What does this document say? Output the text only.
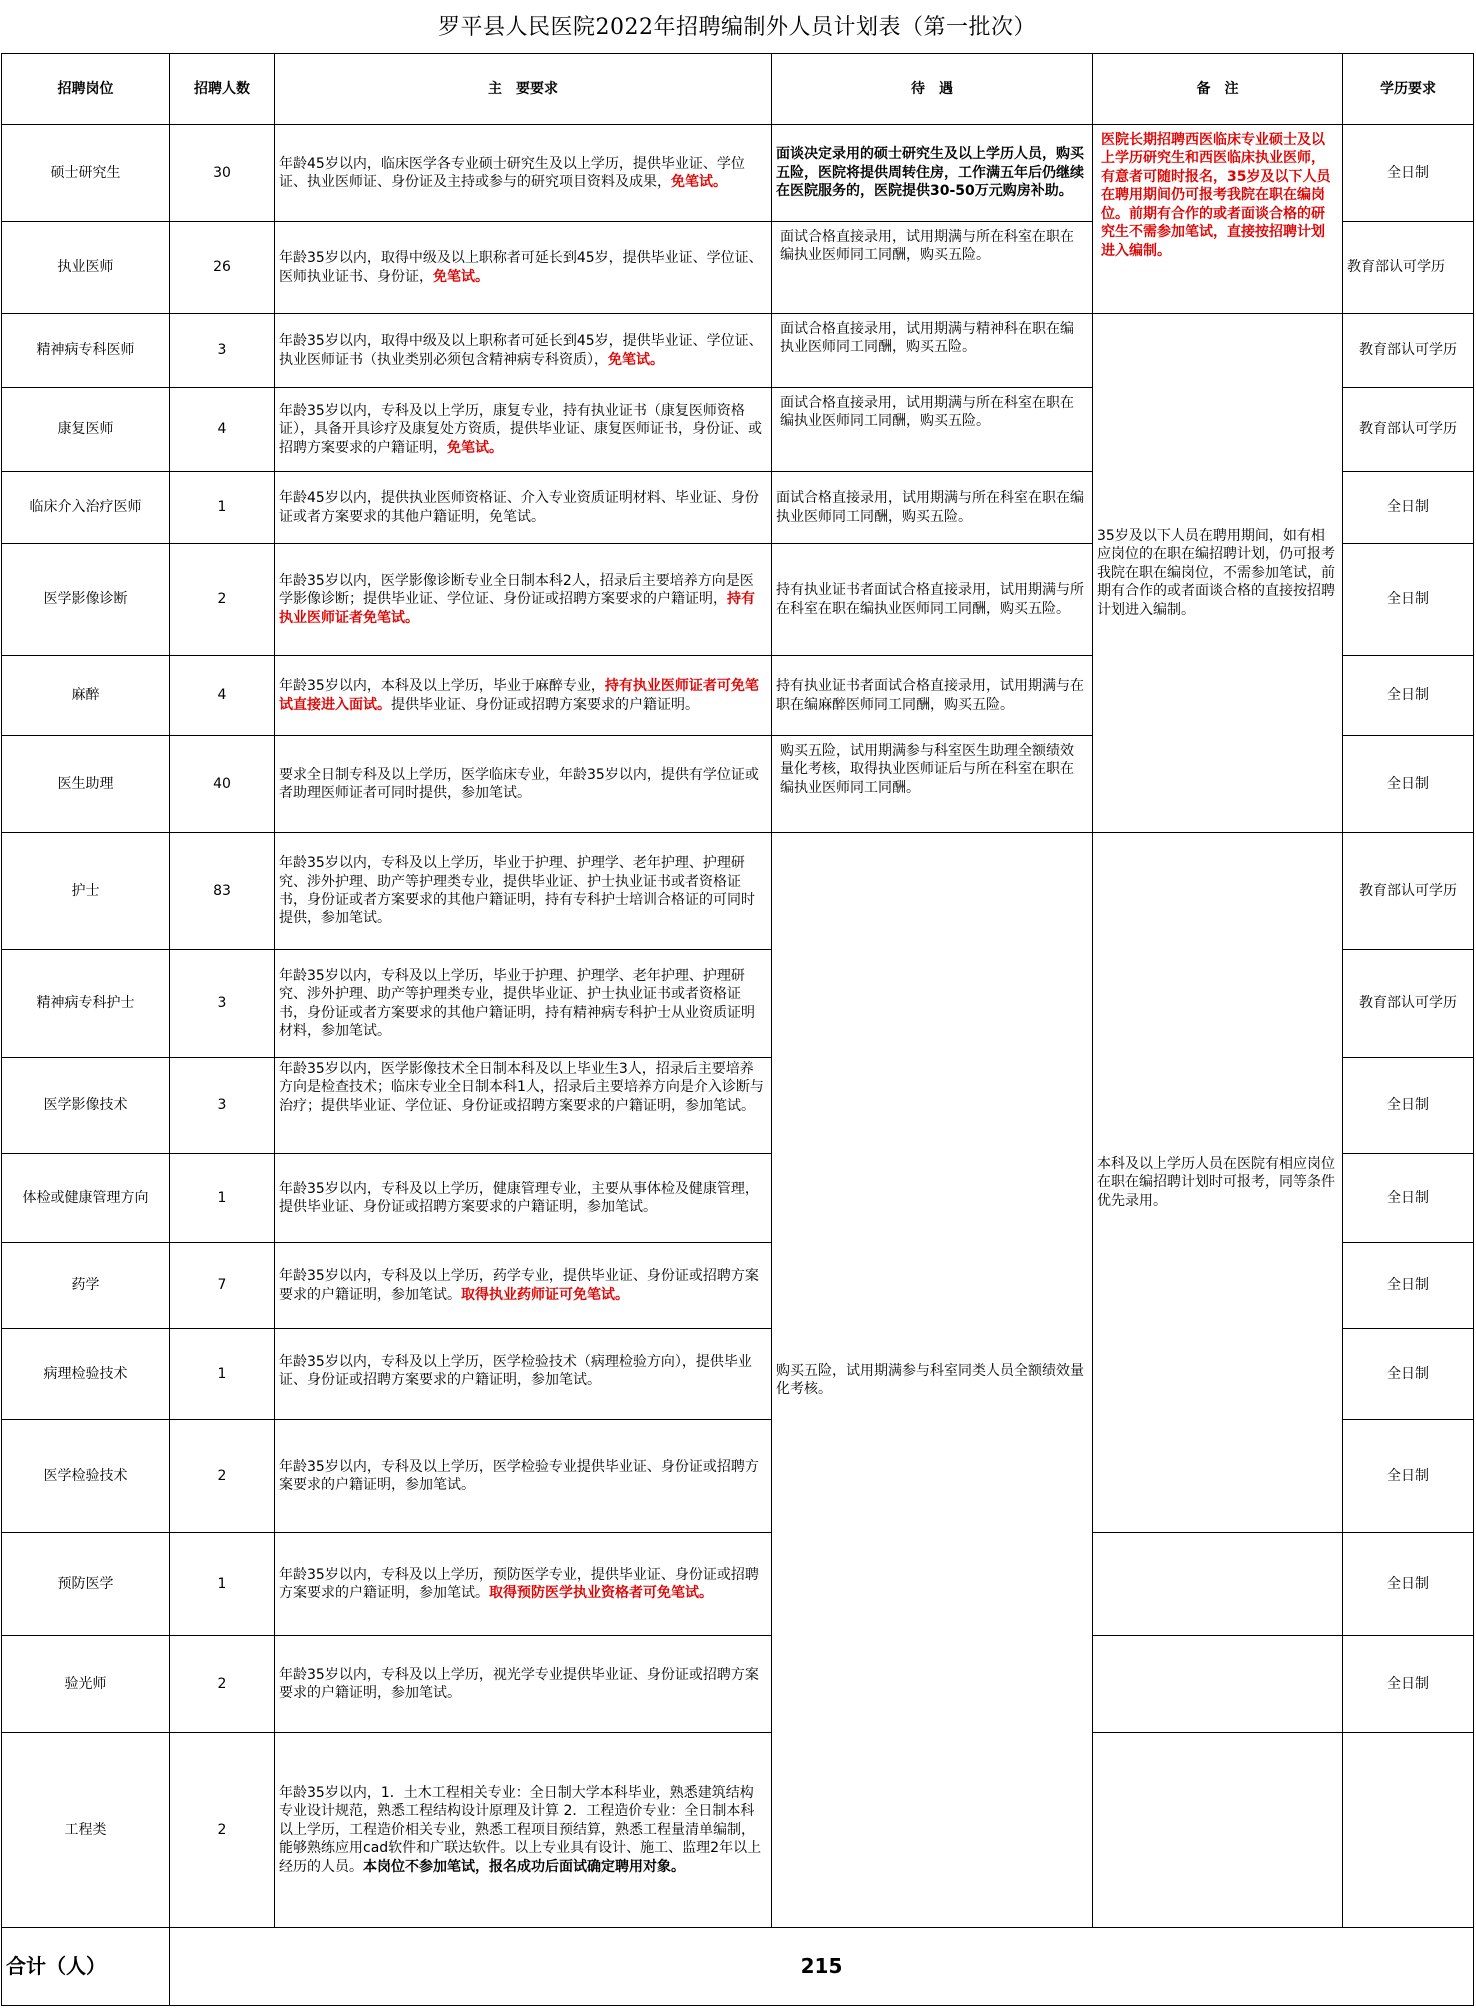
罗平县人民医院2022年招聘编制外人员计划表（第一批次）
招聘岗位	招聘人数	主　要要求	待　遇	备　注	学历要求	
硕士研究生	30	年龄45岁以内，临床医学各专业硕士研究生及以上学历，提供毕业证、学位证、执业医师证、身份证及主持或参与的研究项目资料及成果，免笔试。	面谈决定录用的硕士研究生及以上学历人员，购买五险，医院将提供周转住房，工作满五年后仍继续在医院服务的，医院提供30-50万元购房补助。	医院长期招聘西医临床专业硕士及以上学历研究生和西医临床执业医师，有意者可随时报名，35岁及以下人员在聘用期间仍可报考我院在职在编岗位。前期有合作的或者面谈合格的研究生不需参加笔试，直接按招聘计划进入编制。	全日制	
执业医师	26	年龄35岁以内，取得中级及以上职称者可延长到45岁，提供毕业证、学位证、医师执业证书、身份证，免笔试。	面试合格直接录用，试用期满与所在科室在职在编执业医师同工同酬，购买五险。		教育部认可学历	
精神病专科医师	3	年龄35岁以内，取得中级及以上职称者可延长到45岁，提供毕业证、学位证、执业医师证书（执业类别必须包含精神病专科资质），免笔试。	面试合格直接录用，试用期满与精神科在职在编执业医师同工同酬，购买五险。	35岁及以下人员在聘用期间，如有相应岗位的在职在编招聘计划，仍可报考我院在职在编岗位，不需参加笔试，前期有合作的或者面谈合格的直接按招聘计划进入编制。	教育部认可学历	
康复医师	4	年龄35岁以内，专科及以上学历，康复专业，持有执业证书（康复医师资格证），具备开具诊疗及康复处方资质，提供毕业证、康复医师证书，身份证、或招聘方案要求的户籍证明，免笔试。	面试合格直接录用，试用期满与所在科室在职在编执业医师同工同酬，购买五险。		教育部认可学历	
临床介入治疗医师	1	年龄45岁以内，提供执业医师资格证、介入专业资质证明材料、毕业证、身份证或者方案要求的其他户籍证明，免笔试。	面试合格直接录用，试用期满与所在科室在职在编执业医师同工同酬，购买五险。		全日制	
医学影像诊断	2	年龄35岁以内，医学影像诊断专业全日制本科2人，招录后主要培养方向是医学影像诊断；提供毕业证、学位证、身份证或招聘方案要求的户籍证明，持有执业医师证者免笔试。	持有执业证书者面试合格直接录用，试用期满与所在科室在职在编执业医师同工同酬，购买五险。		全日制	
麻醉	4	年龄35岁以内，本科及以上学历，毕业于麻醉专业，持有执业医师证者可免笔试直接进入面试。提供毕业证、身份证或招聘方案要求的户籍证明。	持有执业证书者面试合格直接录用，试用期满与在职在编麻醉医师同工同酬，购买五险。		全日制	
医生助理	40	要求全日制专科及以上学历，医学临床专业，年龄35岁以内，提供有学位证或者助理医师证者可同时提供，参加笔试。	购买五险，试用期满参与科室医生助理全额绩效量化考核，取得执业医师证后与所在科室在职在编执业医师同工同酬。		全日制	
护士	83	年龄35岁以内，专科及以上学历，毕业于护理、护理学、老年护理、护理研究、涉外护理、助产等护理类专业，提供毕业证、护士执业证书或者资格证书，身份证或者方案要求的其他户籍证明，持有专科护士培训合格证的可同时提供，参加笔试。	购买五险，试用期满参与科室同类人员全额绩效量化考核。	本科及以上学历人员在医院有相应岗位在职在编招聘计划时可报考，同等条件优先录用。	教育部认可学历	
精神病专科护士	3	年龄35岁以内，专科及以上学历，毕业于护理、护理学、老年护理、护理研究、涉外护理、助产等护理类专业，提供毕业证、护士执业证书或者资格证书，身份证或者方案要求的其他户籍证明，持有精神病专科护士从业资质证明材料，参加笔试。			教育部认可学历	
医学影像技术	3	年龄35岁以内，医学影像技术全日制本科及以上毕业生3人，招录后主要培养方向是检查技术；临床专业全日制本科1人，招录后主要培养方向是介入诊断与治疗；提供毕业证、学位证、身份证或招聘方案要求的户籍证明，参加笔试。			全日制	
体检或健康管理方向	1	年龄35岁以内，专科及以上学历，健康管理专业，主要从事体检及健康管理，提供毕业证、身份证或招聘方案要求的户籍证明，参加笔试。			全日制	
药学	7	年龄35岁以内，专科及以上学历，药学专业，提供毕业证、身份证或招聘方案要求的户籍证明，参加笔试。取得执业药师证可免笔试。			全日制	
病理检验技术	1	年龄35岁以内，专科及以上学历，医学检验技术（病理检验方向），提供毕业证、身份证或招聘方案要求的户籍证明，参加笔试。			全日制	
医学检验技术	2	年龄35岁以内，专科及以上学历，医学检验专业提供毕业证、身份证或招聘方案要求的户籍证明，参加笔试。			全日制	
预防医学	1	年龄35岁以内，专科及以上学历，预防医学专业，提供毕业证、身份证或招聘方案要求的户籍证明，参加笔试。取得预防医学执业资格者可免笔试。			全日制	
验光师	2	年龄35岁以内，专科及以上学历，视光学专业提供毕业证、身份证或招聘方案要求的户籍证明，参加笔试。			全日制	
工程类	2	年龄35岁以内，1．土木工程相关专业：全日制大学本科毕业，熟悉建筑结构专业设计规范，熟悉工程结构设计原理及计算 2．工程造价专业：全日制本科以上学历，工程造价相关专业，熟悉工程项目预结算，熟悉工程量清单编制，能够熟练应用cad软件和广联达软件。以上专业具有设计、施工、监理2年以上经历的人员。本岗位不参加笔试，报名成功后面试确定聘用对象。			
合计（人）	215					
